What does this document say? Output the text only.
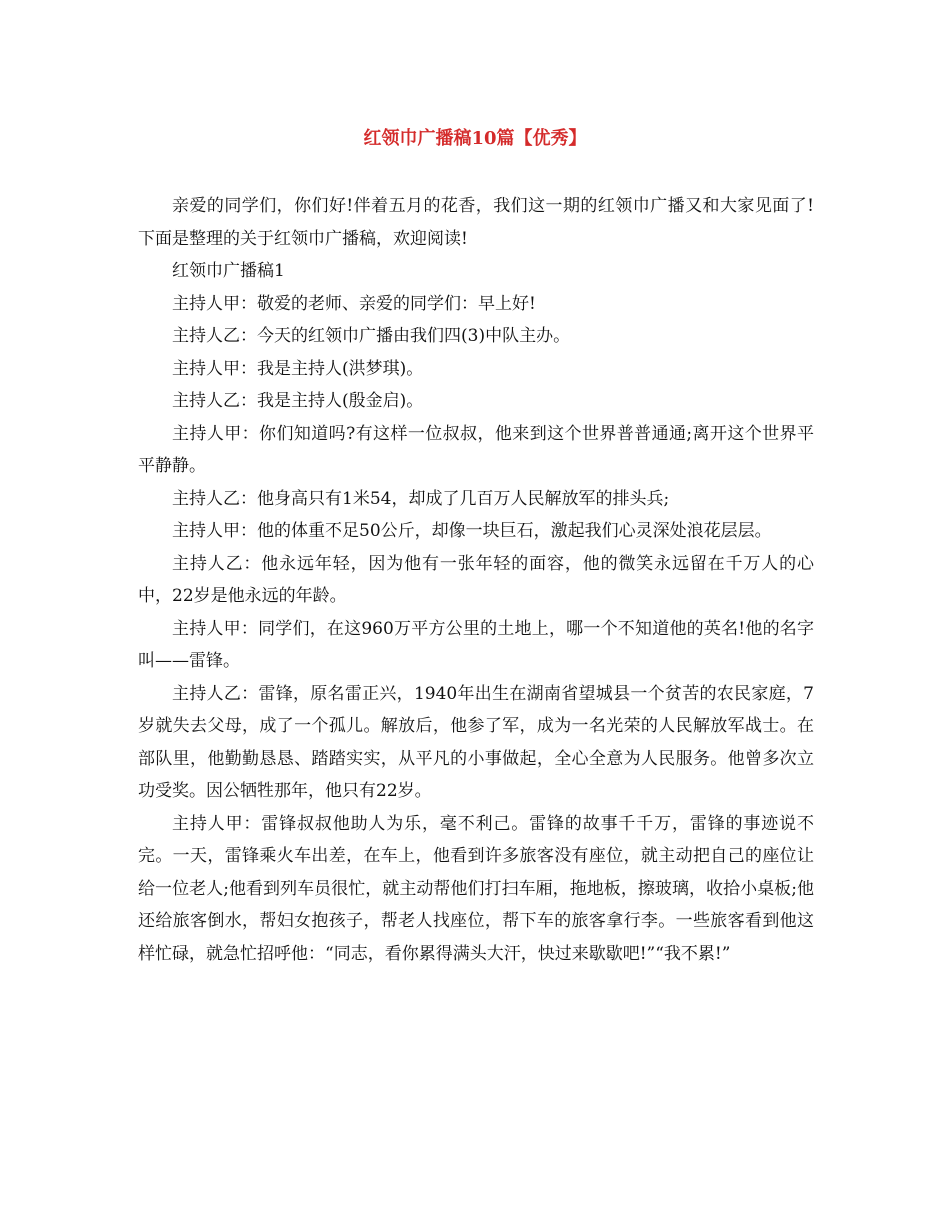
红领巾广播稿10篇【优秀】

亲爱的同学们，你们好!伴着五月的花香，我们这一期的红领巾广播又和大家见面了!下面是整理的关于红领巾广播稿，欢迎阅读!

红领巾广播稿1

主持人甲：敬爱的老师、亲爱的同学们：早上好!

主持人乙：今天的红领巾广播由我们四(3)中队主办。

主持人甲：我是主持人(洪梦琪)。

主持人乙：我是主持人(殷金启)。

主持人甲：你们知道吗?有这样一位叔叔，他来到这个世界普普通通;离开这个世界平平静静。

主持人乙：他身高只有1米54，却成了几百万人民解放军的排头兵;

主持人甲：他的体重不足50公斤，却像一块巨石，激起我们心灵深处浪花层层。

主持人乙：他永远年轻，因为他有一张年轻的面容，他的微笑永远留在千万人的心中，22岁是他永远的年龄。

主持人甲：同学们，在这960万平方公里的土地上，哪一个不知道他的英名!他的名字叫——雷锋。

主持人乙：雷锋，原名雷正兴，1940年出生在湖南省望城县一个贫苦的农民家庭，7岁就失去父母，成了一个孤儿。解放后，他参了军，成为一名光荣的人民解放军战士。在部队里，他勤勤恳恳、踏踏实实，从平凡的小事做起，全心全意为人民服务。他曾多次立功受奖。因公牺牲那年，他只有22岁。

主持人甲：雷锋叔叔他助人为乐，毫不利己。雷锋的故事千千万，雷锋的事迹说不完。一天，雷锋乘火车出差，在车上，他看到许多旅客没有座位，就主动把自己的座位让给一位老人;他看到列车员很忙，就主动帮他们打扫车厢，拖地板，擦玻璃，收拾小桌板;他还给旅客倒水，帮妇女抱孩子，帮老人找座位，帮下车的旅客拿行李。一些旅客看到他这样忙碌，就急忙招呼他：“同志，看你累得满头大汗，快过来歇歇吧!”“我不累!”
